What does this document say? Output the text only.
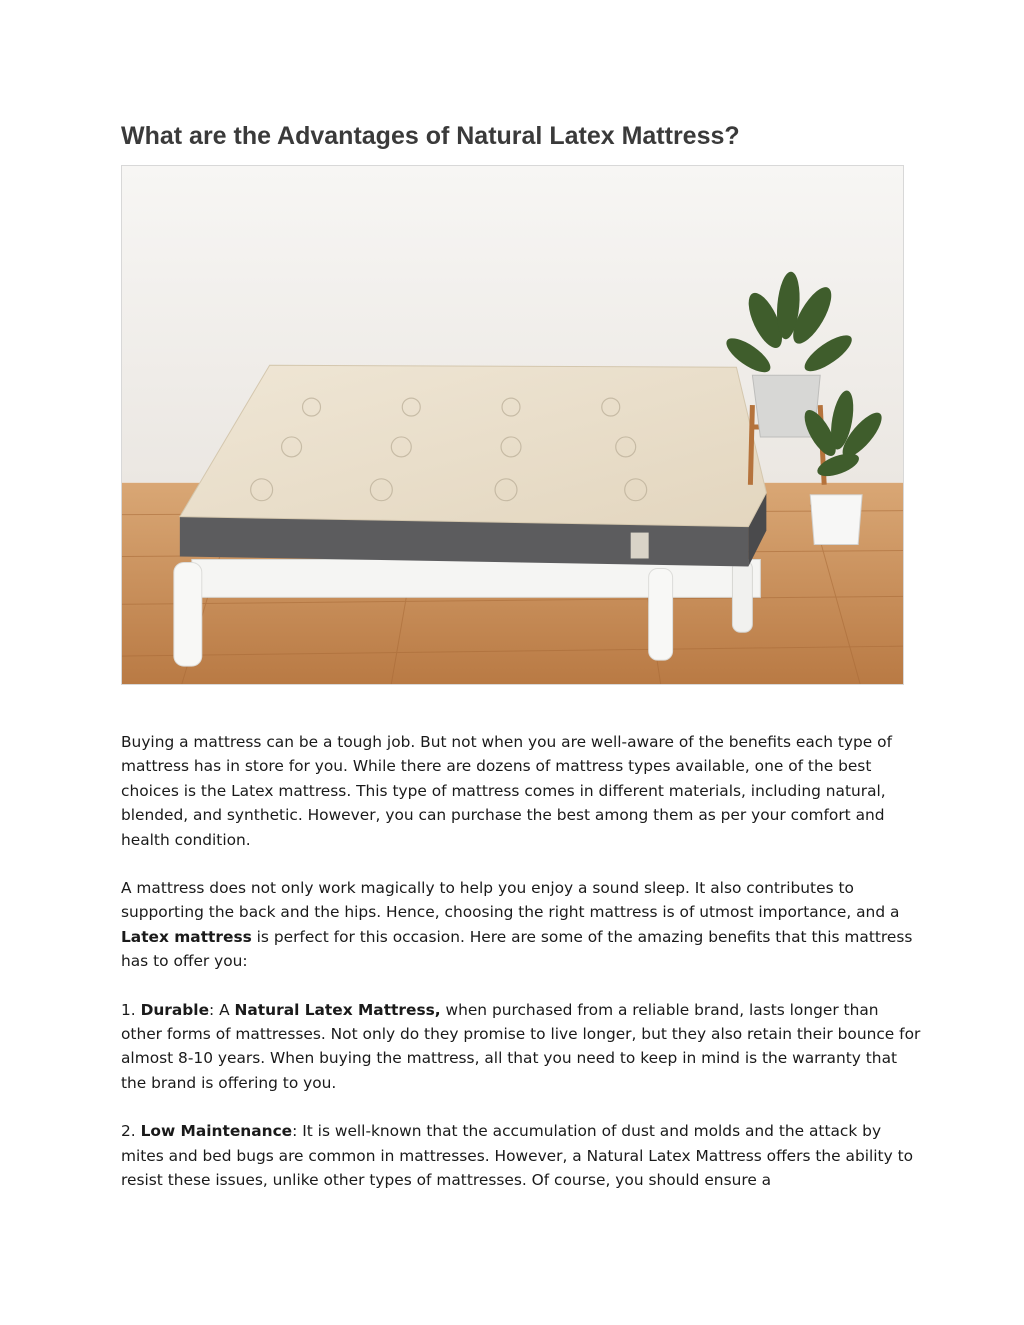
What are the Advantages of Natural Latex Mattress?

Buying a mattress can be a tough job. But not when you are well-aware of the benefits each type of mattress has in store for you. While there are dozens of mattress types available, one of the best choices is the Latex mattress. This type of mattress comes in different materials, including natural, blended, and synthetic. However, you can purchase the best among them as per your comfort and health condition.

A mattress does not only work magically to help you enjoy a sound sleep. It also contributes to supporting the back and the hips. Hence, choosing the right mattress is of utmost importance, and a Latex mattress is perfect for this occasion. Here are some of the amazing benefits that this mattress has to offer you:

1. Durable: A Natural Latex Mattress, when purchased from a reliable brand, lasts longer than other forms of mattresses. Not only do they promise to live longer, but they also retain their bounce for almost 8-10 years. When buying the mattress, all that you need to keep in mind is the warranty that the brand is offering to you.

2. Low Maintenance: It is well-known that the accumulation of dust and molds and the attack by mites and bed bugs are common in mattresses. However, a Natural Latex Mattress offers the ability to resist these issues, unlike other types of mattresses. Of course, you should ensure a
